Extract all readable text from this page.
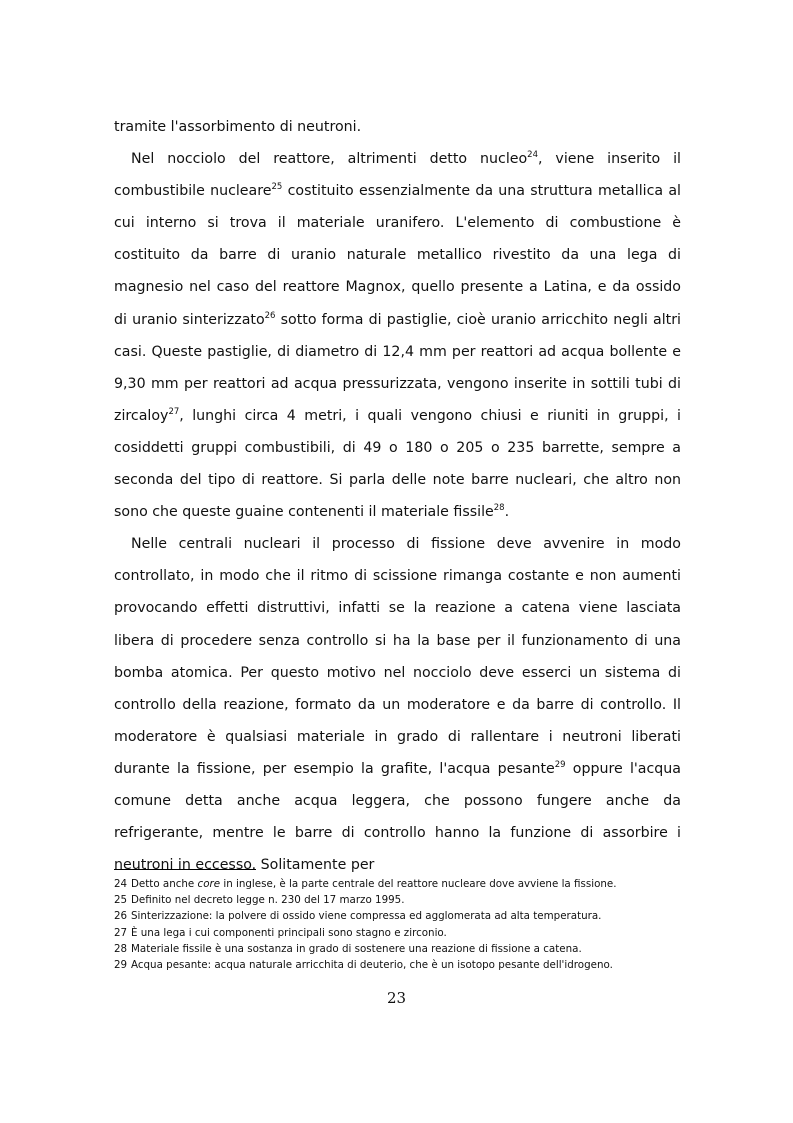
tramite l'assorbimento di neutroni.

Nel nocciolo del reattore, altrimenti detto nucleo$^{24}$, viene inserito il combustibile nucleare$^{25}$ costituito essenzialmente da una struttura metallica al cui interno si trova il materiale uranifero. L'elemento di combustione è costituito da barre di uranio naturale metallico rivestito da una lega di magnesio nel caso del reattore Magnox, quello presente a Latina, e da ossido di uranio sinterizzato$^{26}$ sotto forma di pastiglie, cioè uranio arricchito negli altri casi. Queste pastiglie, di diametro di 12,4 mm per reattori ad acqua bollente e 9,30 mm per reattori ad acqua pressurizzata, vengono inserite in sottili tubi di zircaloy$^{27}$, lunghi circa 4 metri, i quali vengono chiusi e riuniti in gruppi, i cosiddetti gruppi combustibili, di 49 o 180 o 205 o 235 barrette, sempre a seconda del tipo di reattore. Si parla delle note barre nucleari, che altro non sono che queste guaine contenenti il materiale fissile$^{28}$.

Nelle centrali nucleari il processo di fissione deve avvenire in modo controllato, in modo che il ritmo di scissione rimanga costante e non aumenti provocando effetti distruttivi, infatti se la reazione a catena viene lasciata libera di procedere senza controllo si ha la base per il funzionamento di una bomba atomica. Per questo motivo nel nocciolo deve esserci un sistema di controllo della reazione, formato da un moderatore e da barre di controllo. Il moderatore è qualsiasi materiale in grado di rallentare i neutroni liberati durante la fissione, per esempio la grafite, l'acqua pesante$^{29}$ oppure l'acqua comune detta anche acqua leggera, che possono fungere anche da refrigerante, mentre le barre di controllo hanno la funzione di assorbire i neutroni in eccesso. Solitamente per

24 Detto anche core in inglese, è la parte centrale del reattore nucleare dove avviene la fissione.
25 Definito nel decreto legge n. 230 del 17 marzo 1995.
26 Sinterizzazione: la polvere di ossido viene compressa ed agglomerata ad alta temperatura.
27 È una lega i cui componenti principali sono stagno e zirconio.
28 Materiale fissile è una sostanza in grado di sostenere una reazione di fissione a catena.
29 Acqua pesante: acqua naturale arricchita di deuterio, che è un isotopo pesante dell'idrogeno.
23
